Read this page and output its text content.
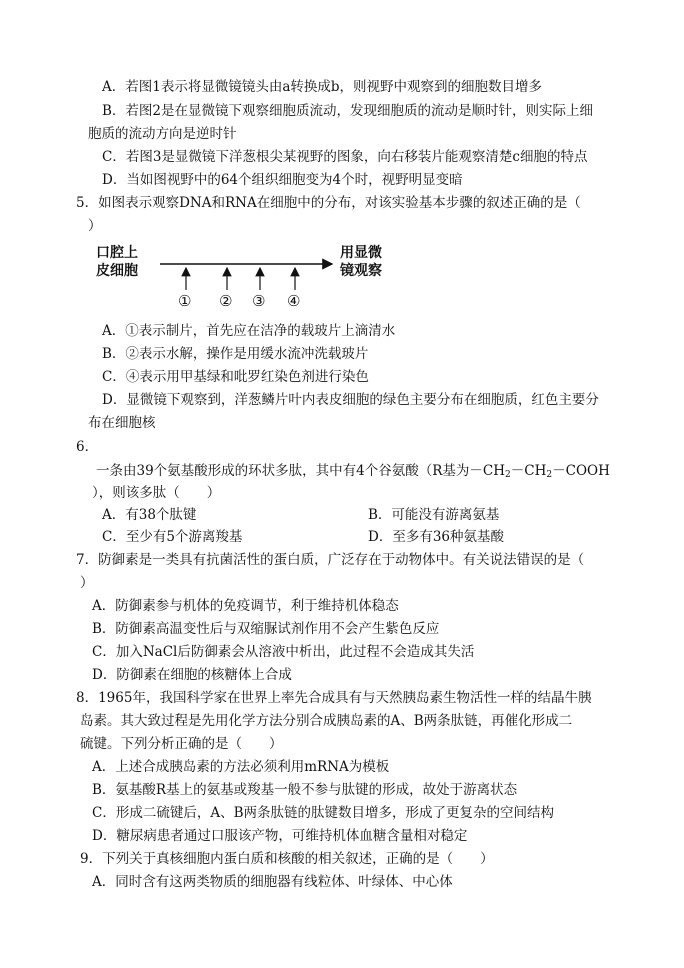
A．若图1表示将显微镜镜头由a转换成b，则视野中观察到的细胞数目增多
B．若图2是在显微镜下观察细胞质流动，发现细胞质的流动是顺时针，则实际上细
胞质的流动方向是逆时针
C．若图3是显微镜下洋葱根尖某视野的图象，向右移装片能观察清楚c细胞的特点
D．当如图视野中的64个组织细胞变为4个时，视野明显变暗
5．如图表示观察DNA和RNA在细胞中的分布，对该实验基本步骤的叙述正确的是（
）
口腔上
皮细胞
用显微
镜观察
① ② ③ ④
A．①表示制片，首先应在洁净的载玻片上滴清水
B．②表示水解，操作是用缓水流冲洗载玻片
C．④表示用甲基绿和吡罗红染色剂进行染色
D．显微镜下观察到，洋葱鳞片叶内表皮细胞的绿色主要分布在细胞质，红色主要分
布在细胞核
6．
一条由39个氨基酸形成的环状多肽，其中有4个谷氨酸（R基为$-CH_2-CH_2-COOH$
），则该多肽（　　）
A．有38个肽键	B．可能没有游离氨基
C．至少有5个游离羧基	D．至多有36种氨基酸
7．防御素是一类具有抗菌活性的蛋白质，广泛存在于动物体中。有关说法错误的是（
）
A．防御素参与机体的免疫调节，利于维持机体稳态
B．防御素高温变性后与双缩脲试剂作用不会产生紫色反应
C．加入NaCl后防御素会从溶液中析出，此过程不会造成其失活
D．防御素在细胞的核糖体上合成
8．1965年，我国科学家在世界上率先合成具有与天然胰岛素生物活性一样的结晶牛胰
岛素。其大致过程是先用化学方法分别合成胰岛素的A、B两条肽链，再催化形成二
硫键。下列分析正确的是（　　）
A．上述合成胰岛素的方法必须利用mRNA为模板
B．氨基酸R基上的氨基或羧基一般不参与肽键的形成，故处于游离状态
C．形成二硫键后，A、B两条肽链的肽键数目增多，形成了更复杂的空间结构
D．糖尿病患者通过口服该产物，可维持机体血糖含量相对稳定
9．下列关于真核细胞内蛋白质和核酸的相关叙述，正确的是（　　）
A．同时含有这两类物质的细胞器有线粒体、叶绿体、中心体
